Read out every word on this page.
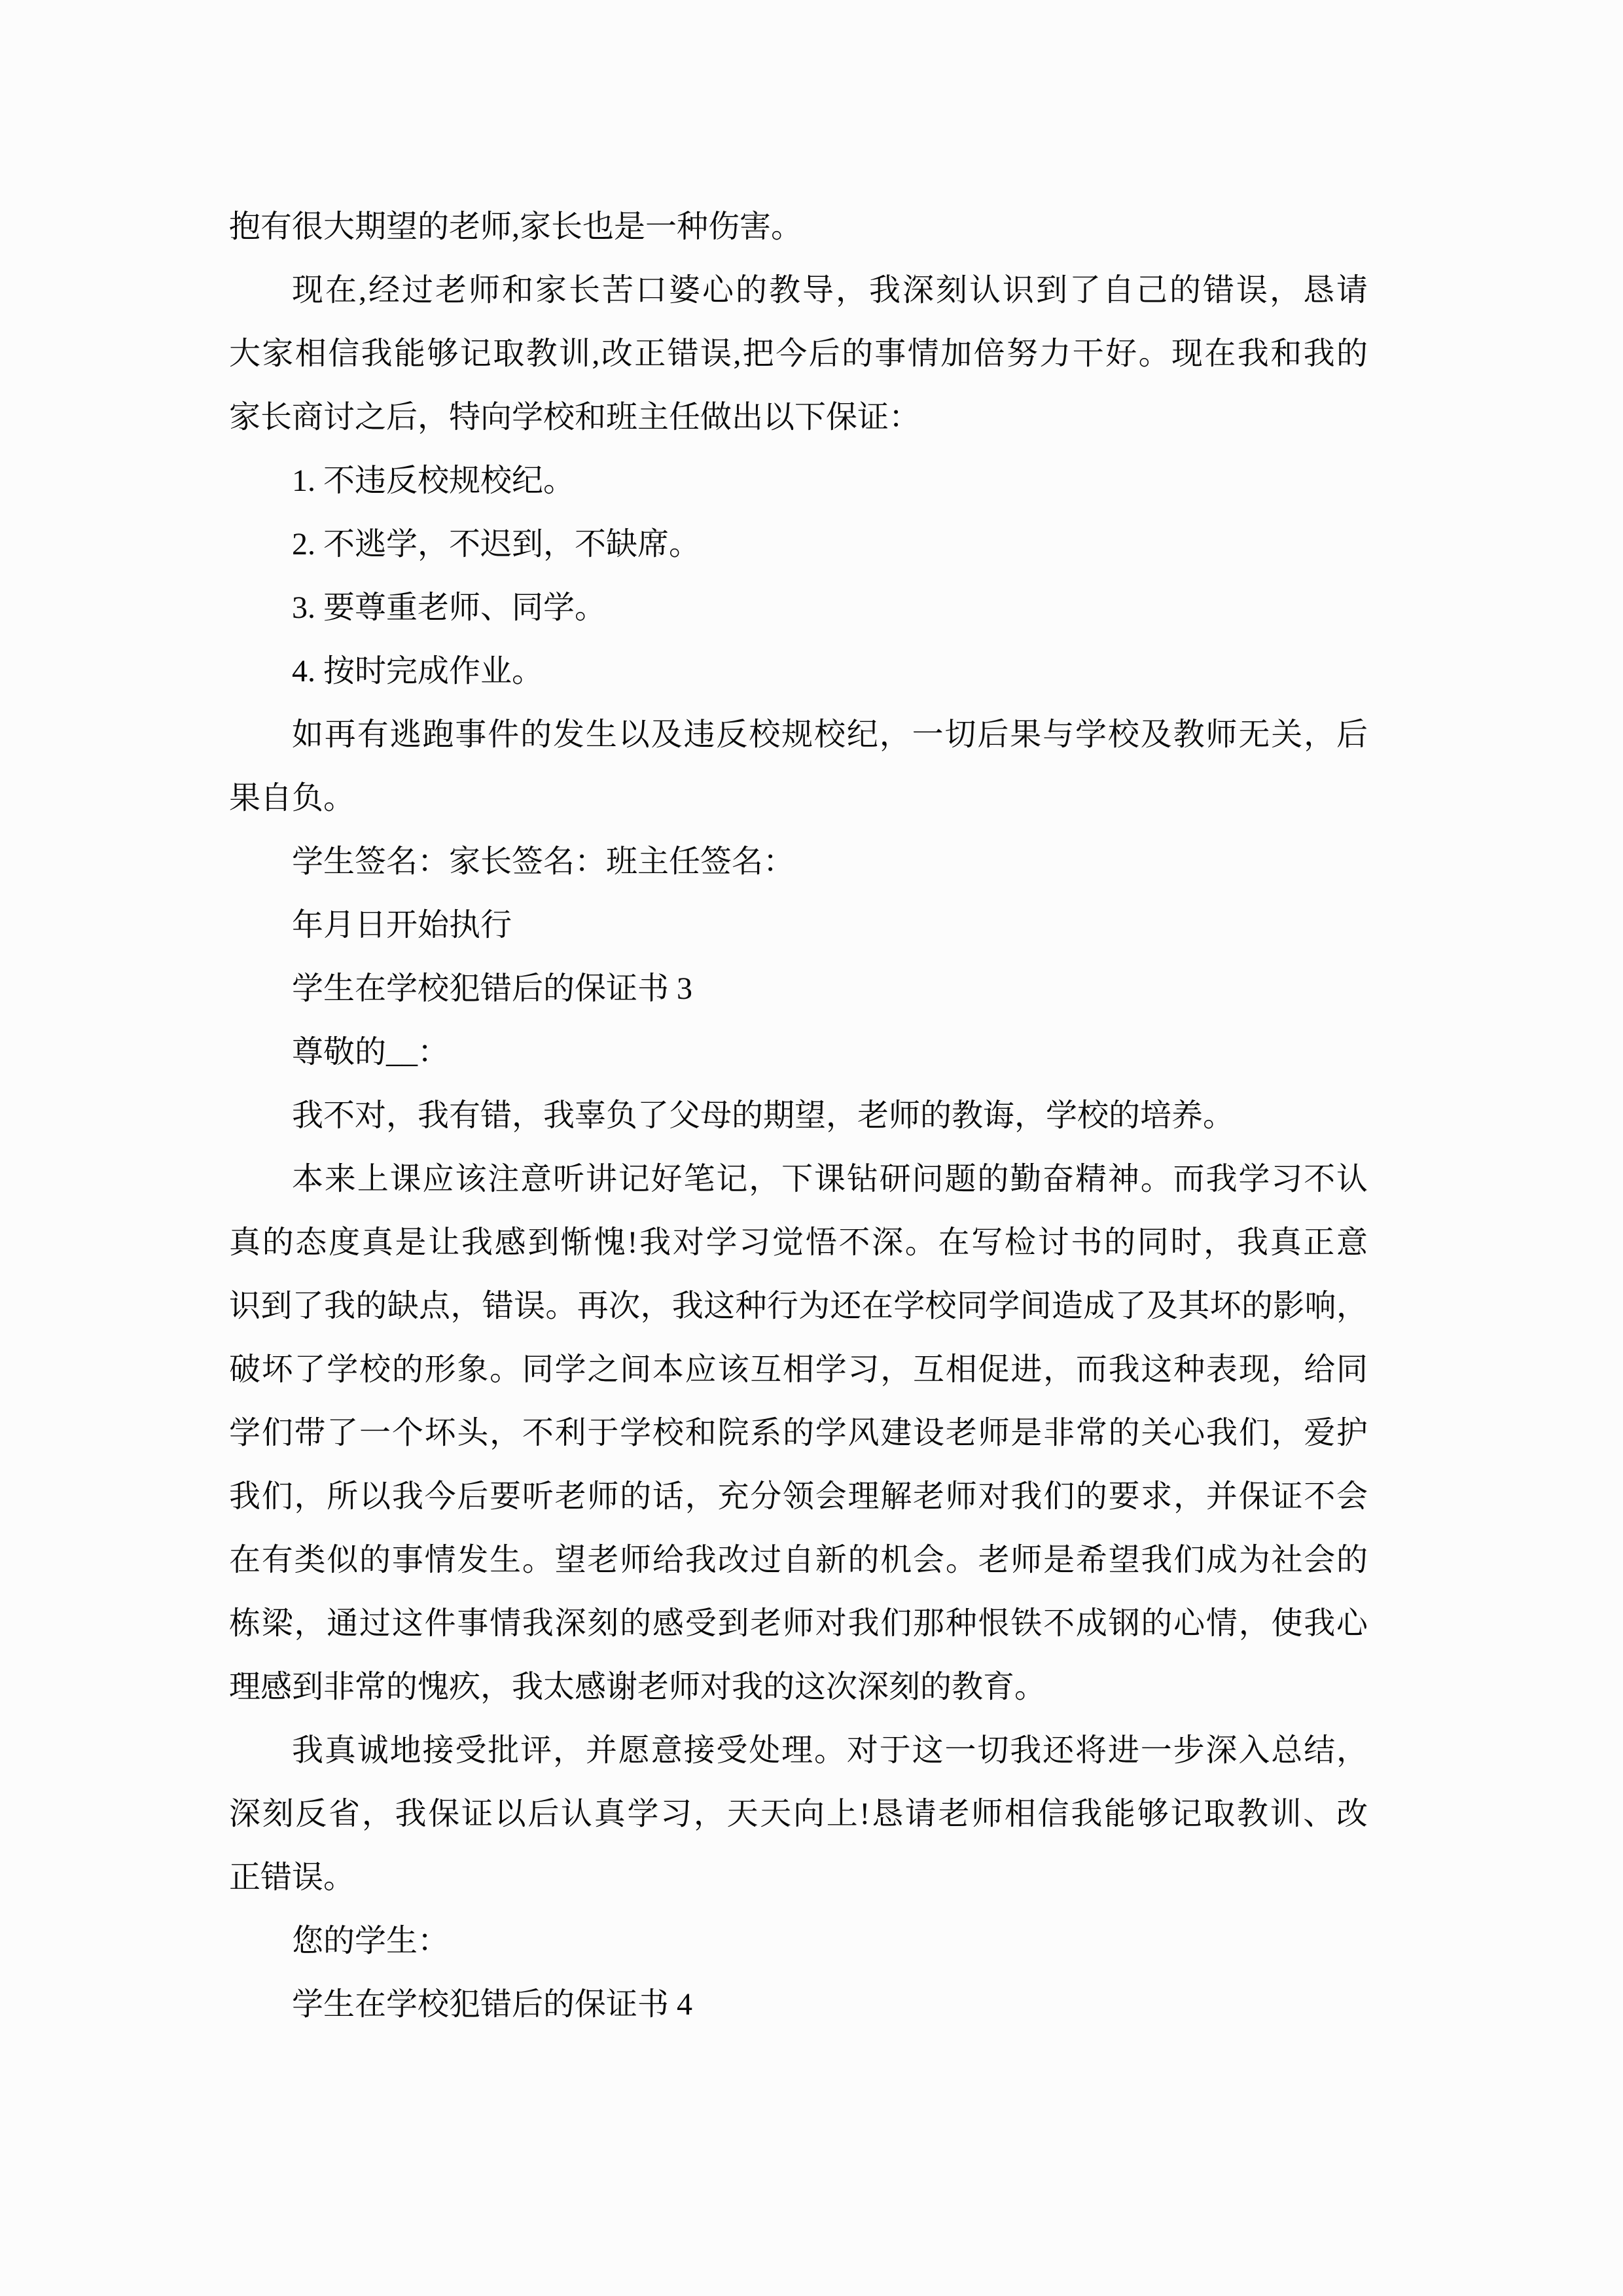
抱有很大期望的老师,家长也是一种伤害。
现在,经过老师和家长苦口婆心的教导，我深刻认识到了自己的错误，恳请
大家相信我能够记取教训,改正错误,把今后的事情加倍努力干好。现在我和我的
家长商讨之后，特向学校和班主任做出以下保证：
1. 不违反校规校纪。
2. 不逃学，不迟到，不缺席。
3. 要尊重老师、同学。
4. 按时完成作业。
如再有逃跑事件的发生以及违反校规校纪，一切后果与学校及教师无关，后
果自负。
学生签名：家长签名：班主任签名：
年月日开始执行
学生在学校犯错后的保证书 3
尊敬的__：
我不对，我有错，我辜负了父母的期望，老师的教诲，学校的培养。
本来上课应该注意听讲记好笔记，下课钻研问题的勤奋精神。而我学习不认
真的态度真是让我感到惭愧!我对学习觉悟不深。在写检讨书的同时，我真正意
识到了我的缺点，错误。再次，我这种行为还在学校同学间造成了及其坏的影响，
破坏了学校的形象。同学之间本应该互相学习，互相促进，而我这种表现，给同
学们带了一个坏头，不利于学校和院系的学风建设老师是非常的关心我们，爱护
我们，所以我今后要听老师的话，充分领会理解老师对我们的要求，并保证不会
在有类似的事情发生。望老师给我改过自新的机会。老师是希望我们成为社会的
栋梁，通过这件事情我深刻的感受到老师对我们那种恨铁不成钢的心情，使我心
理感到非常的愧疚，我太感谢老师对我的这次深刻的教育。
我真诚地接受批评，并愿意接受处理。对于这一切我还将进一步深入总结，
深刻反省，我保证以后认真学习，天天向上!恳请老师相信我能够记取教训、改
正错误。
您的学生：
学生在学校犯错后的保证书 4
